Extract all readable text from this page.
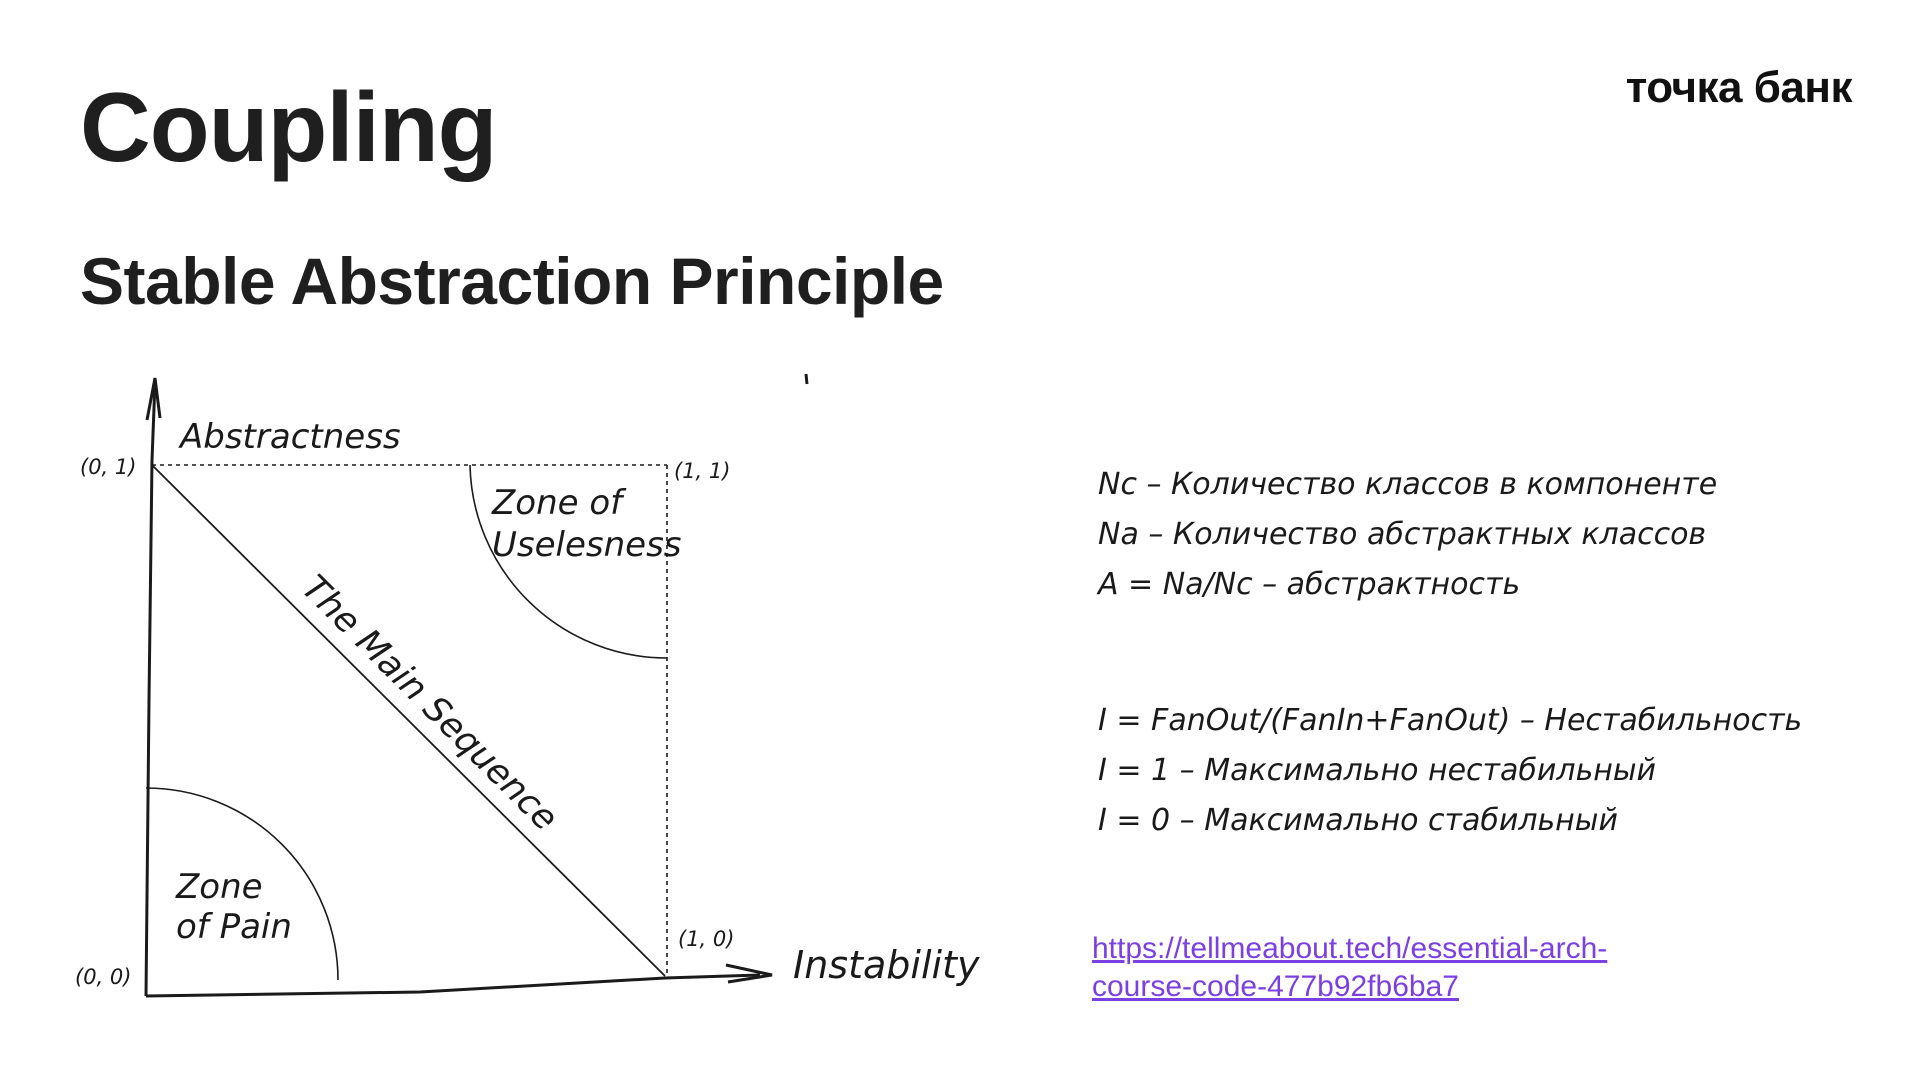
Coupling
Stable Abstraction Principle
точка банк
Abstractness
Instability
(0, 1)	(1, 1)
(1, 0)
(0, 0)
Zone of
Uselesness
Zone
of Pain
The Main Sequence
Nc – Количество классов в компоненте
Na – Количество абстрактных классов
A = Na/Nc – абстрактность
I = FanOut/(FanIn+FanOut) – Нестабильность
I = 1 – Максимально нестабильный
I = 0 – Максимально стабильный
https://tellmeabout.tech/essential-arch-
course-code-477b92fb6ba7
